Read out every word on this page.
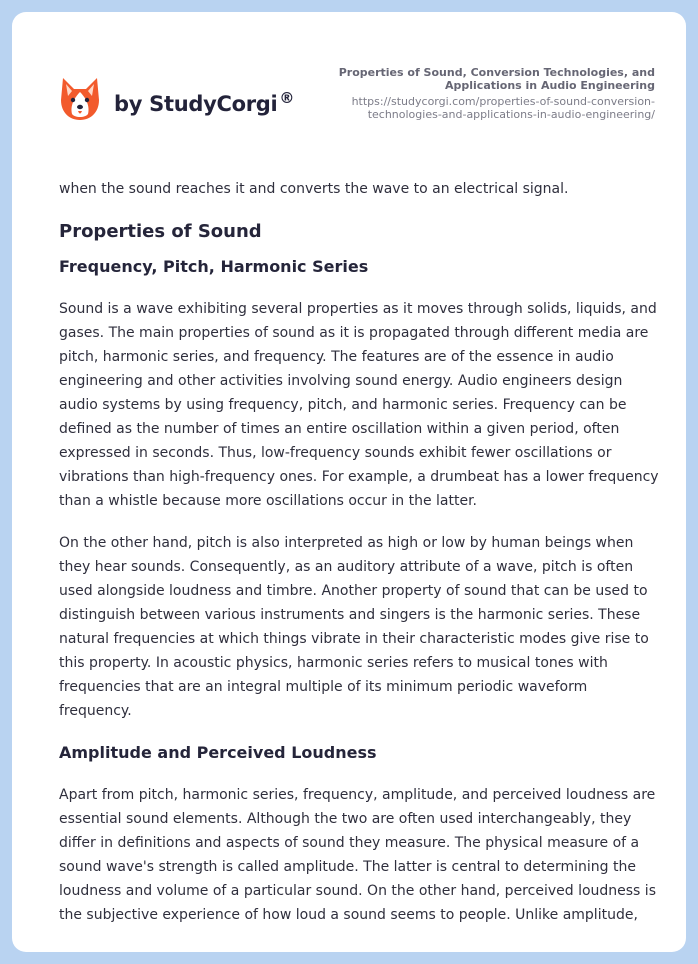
by StudyCorgi ®
Properties of Sound, Conversion Technologies, and Applications in Audio Engineering
https://studycorgi.com/properties-of-sound-conversion-technologies-and-applications-in-audio-engineering/

when the sound reaches it and converts the wave to an electrical signal.

Properties of Sound
Frequency, Pitch, Harmonic Series

Sound is a wave exhibiting several properties as it moves through solids, liquids, and gases. The main properties of sound as it is propagated through different media are pitch, harmonic series, and frequency. The features are of the essence in audio engineering and other activities involving sound energy. Audio engineers design audio systems by using frequency, pitch, and harmonic series. Frequency can be defined as the number of times an entire oscillation within a given period, often expressed in seconds. Thus, low-frequency sounds exhibit fewer oscillations or vibrations than high-frequency ones. For example, a drumbeat has a lower frequency than a whistle because more oscillations occur in the latter.

On the other hand, pitch is also interpreted as high or low by human beings when they hear sounds. Consequently, as an auditory attribute of a wave, pitch is often used alongside loudness and timbre. Another property of sound that can be used to distinguish between various instruments and singers is the harmonic series. These natural frequencies at which things vibrate in their characteristic modes give rise to this property. In acoustic physics, harmonic series refers to musical tones with frequencies that are an integral multiple of its minimum periodic waveform frequency.

Amplitude and Perceived Loudness

Apart from pitch, harmonic series, frequency, amplitude, and perceived loudness are essential sound elements. Although the two are often used interchangeably, they differ in definitions and aspects of sound they measure. The physical measure of a sound wave's strength is called amplitude. The latter is central to determining the loudness and volume of a particular sound. On the other hand, perceived loudness is the subjective experience of how loud a sound seems to people. Unlike amplitude,
